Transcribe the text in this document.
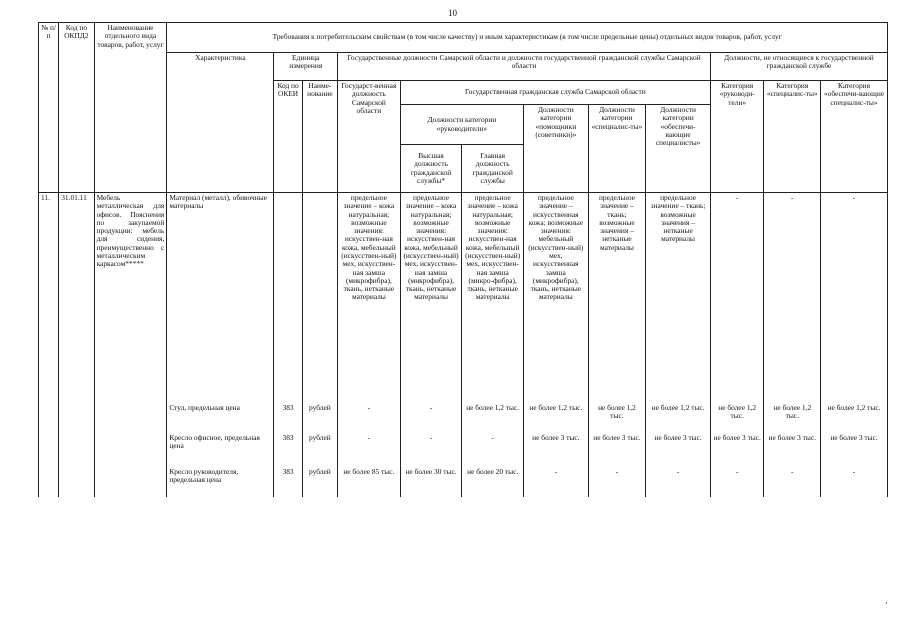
10
№ п/п	Код по ОКПД2	Наименование отдельного вида товаров, работ, услуг	Требования к потребительским свойствам (в том числе качеству) и иным характеристикам (в том числе предельные цены) отдельных видов товаров, работ, услуг											
			Характеристика	Единица измерения		Государственные должности Самарской области и должности государственной гражданской службы Самарской области						Должности, не относящиеся к государственной гражданской службе		
				Код по ОКЕИ	Наиме-нование	Государст-венная должность Самарской области	Государственная гражданская служба Самарской области					Категория «руководи-тели»	Категория «специалис-ты»	Категория «обеспечи-вающие специалис-ты»
							Должности категории «руководители»		Должности категории «помощники (советники)»	Должности категории «специалис-ты»	Должности категории «обеспечи-вающие специалисты»			
							Высшая должность гражданской службы*	Главная должность гражданской службы						
11.	31.01.11	Мебель металлическая для офисов. Пояснения по закупаемой продукции: мебель для сидения, преимущественно с металлическим каркасом*****	Материал (металл), обивочные материалы			предельное значение – кожа натуральная; возможные значения: искусствен-ная кожа, мебельный (искусствен-ный) мех, искусствен-ная замша (микрофибра), ткань, нетканые материалы	предельное значение – кожа натуральная; возможные значения: искусствен-ная кожа, мебельный (искусствен-ный) мех, искусствен-ная замша (микрофибра), ткань, нетканые материалы	предельное значение – кожа натуральная; возможные значения: искусствен-ная кожа, мебельный (искусствен-ный) мех, искусствен-ная замша (микро-фибра), ткань, нетканые материалы	предельное значение – искусственная кожа; возможные значения: мебельный (искусствен-ный) мех, искусственная замша (микрофибра), ткань, нетканые материалы	предельное значение – ткань; возможные значения – нетканые материалы	предельное значение – ткань; возможные значения – нетканые материалы	-	-	-
			Стул, предельная цена	383	рублей	-	-	не более 1,2 тыс.	не более 1,2 тыс.	не более 1,2 тыс.	не более 1,2 тыс.	не более 1,2 тыс.	не более 1,2 тыс.	не более 1,2 тыс.
			Кресло офисное, предельная цена	383	рублей	-	-	-	не более 3 тыс.	не более 3 тыс.	не более 3 тыс.	не более 3 тыс.	не более 3 тыс.	не более 3 тыс.
			Кресло руководителя, предельная цена	383	рублей	не более 85 тыс.	не более 30 тыс.	не более 20 тыс.	-	-	-	-	-	-
‚
